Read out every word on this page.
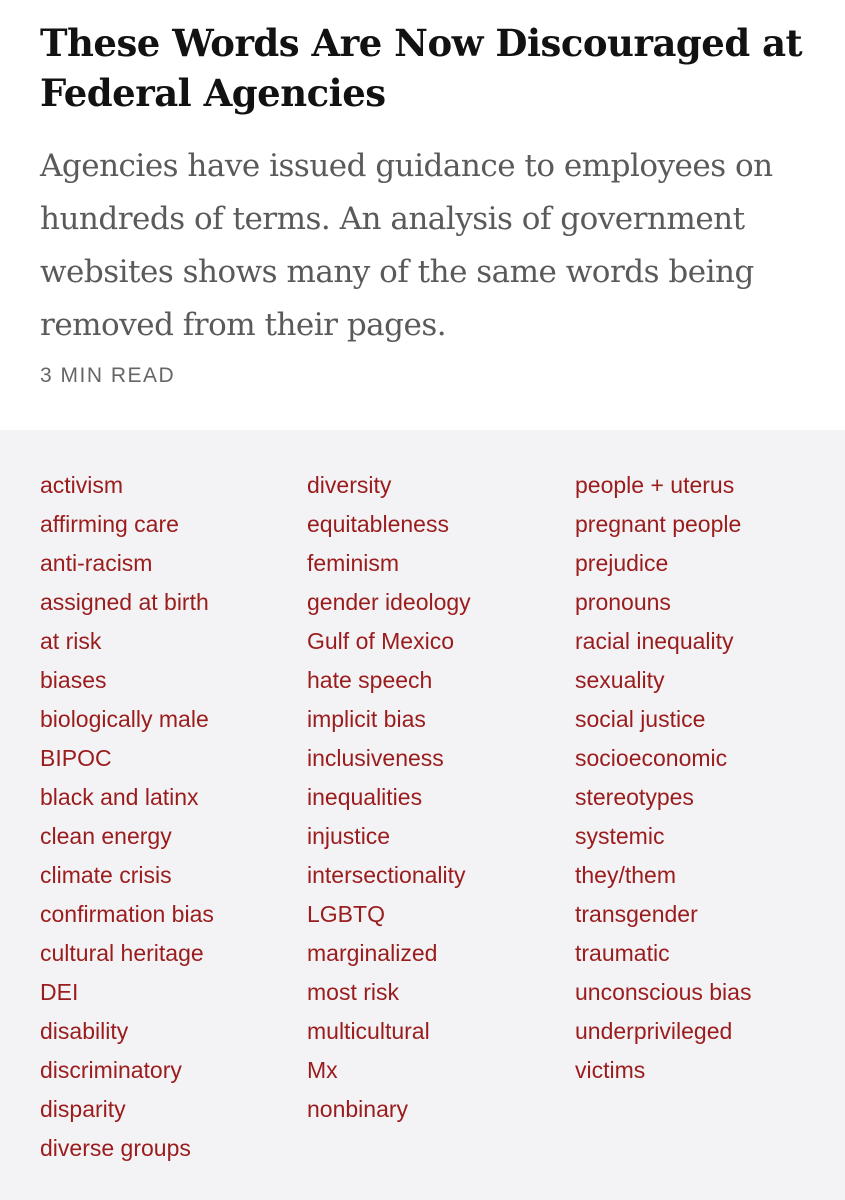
These Words Are Now Discouraged at Federal Agencies

Agencies have issued guidance to employees on hundreds of terms. An analysis of government websites shows many of the same words being removed from their pages.

3 MIN READ
activism
affirming care
anti-racism
assigned at birth
at risk
biases
biologically male
BIPOC
black and latinx
clean energy
climate crisis
confirmation bias
cultural heritage
DEI
disability
discriminatory
disparity
diverse groups
diversity
equitableness
feminism
gender ideology
Gulf of Mexico
hate speech
implicit bias
inclusiveness
inequalities
injustice
intersectionality
LGBTQ
marginalized
most risk
multicultural
Mx
nonbinary
people + uterus
pregnant people
prejudice
pronouns
racial inequality
sexuality
social justice
socioeconomic
stereotypes
systemic
they/them
transgender
traumatic
unconscious bias
underprivileged
victims
